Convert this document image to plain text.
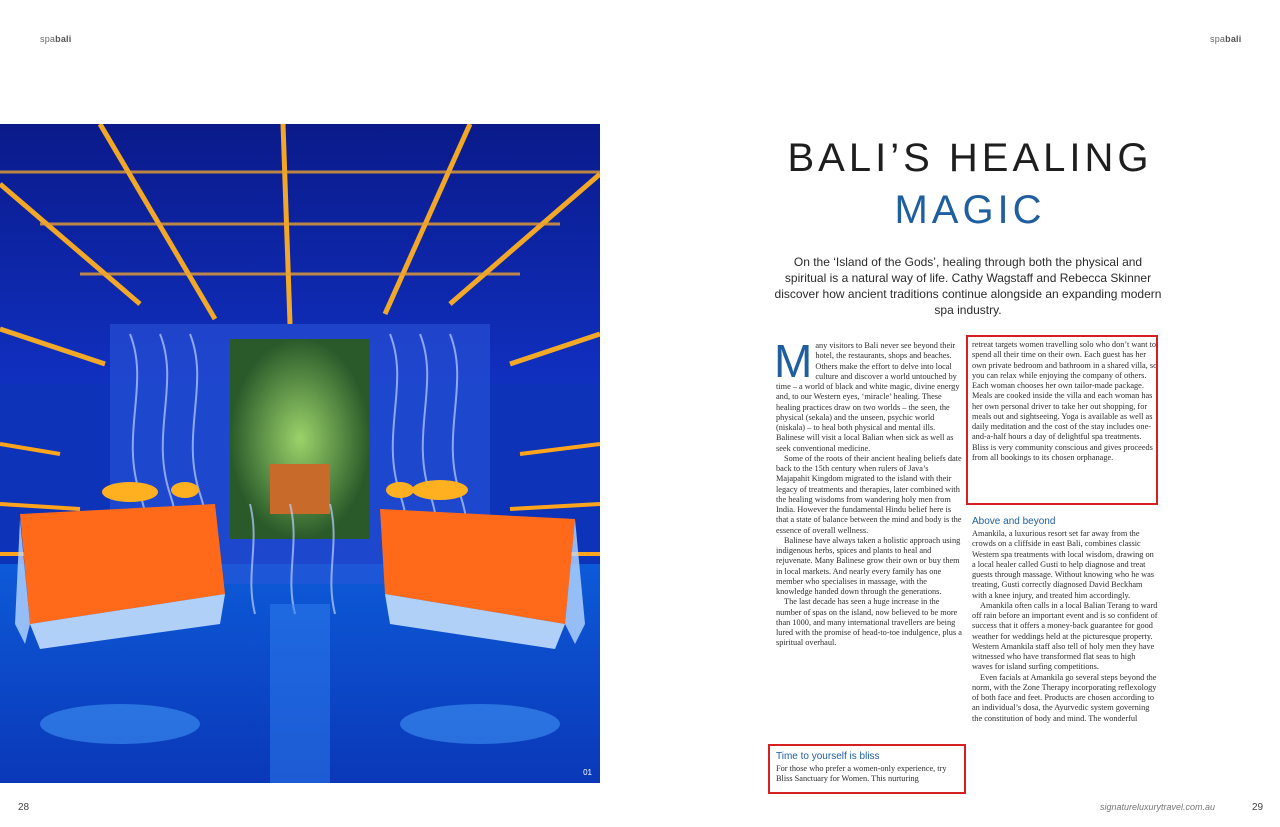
spabali	spabali
01
BALI’S HEALING
MAGIC
On the ‘Island of the Gods’, healing through both the physical and spiritual is a natural way of life. Cathy Wagstaff and Rebecca Skinner discover how ancient traditions continue alongside an expanding modern spa industry.

Many visitors to Bali never see beyond their hotel, the restaurants, shops and beaches. Others make the effort to delve into local culture and discover a world untouched by time – a world of black and white magic, divine energy and, to our Western eyes, ‘miracle’ healing. These healing practices draw on two worlds – the seen, the physical (sekala) and the unseen, psychic world (niskala) – to heal both physical and mental ills. Balinese will visit a local Balian when sick as well as seek conventional medicine.

Some of the roots of their ancient healing beliefs date back to the 15th century when rulers of Java’s Majapahit Kingdom migrated to the island with their legacy of treatments and therapies, later combined with the healing wisdoms from wandering holy men from India. However the fundamental Hindu belief here is that a state of balance between the mind and body is the essence of overall wellness.

Balinese have always taken a holistic approach using indigenous herbs, spices and plants to heal and rejuvenate. Many Balinese grow their own or buy them in local markets. And nearly every family has one member who specialises in massage, with the knowledge handed down through the generations.

The last decade has seen a huge increase in the number of spas on the island, now believed to be more than 1000, and many international travellers are being lured with the promise of head-to-toe indulgence, plus a spiritual overhaul.

Time to yourself is bliss

For those who prefer a women-only experience, try Bliss Sanctuary for Women. This nurturing

retreat targets women travelling solo who don’t want to spend all their time on their own. Each guest has her own private bedroom and bathroom in a shared villa, so you can relax while enjoying the company of others. Each woman chooses her own tailor-made package. Meals are cooked inside the villa and each woman has her own personal driver to take her out shopping, for meals out and sightseeing. Yoga is available as well as daily meditation and the cost of the stay includes one- and-a-half hours a day of delightful spa treatments. Bliss is very community conscious and gives proceeds from all bookings to its chosen orphanage.

Above and beyond

Amankila, a luxurious resort set far away from the crowds on a cliffside in east Bali, combines classic Western spa treatments with local wisdom, drawing on a local healer called Gusti to help diagnose and treat guests through massage. Without knowing who he was treating, Gusti correctly diagnosed David Beckham with a knee injury, and treated him accordingly.

Amankila often calls in a local Balian Terang to ward off rain before an important event and is so confident of success that it offers a money-back guarantee for good weather for weddings held at the picturesque property. Western Amankila staff also tell of holy men they have witnessed who have transformed flat seas to high waves for island surfing competitions.

Even facials at Amankila go several steps beyond the norm, with the Zone Therapy incorporating reflexology of both face and feet. Products are chosen according to an individual’s dosa, the Ayurvedic system governing the constitution of body and mind. The wonderful

28	signatureluxurytravel.com.au	29
